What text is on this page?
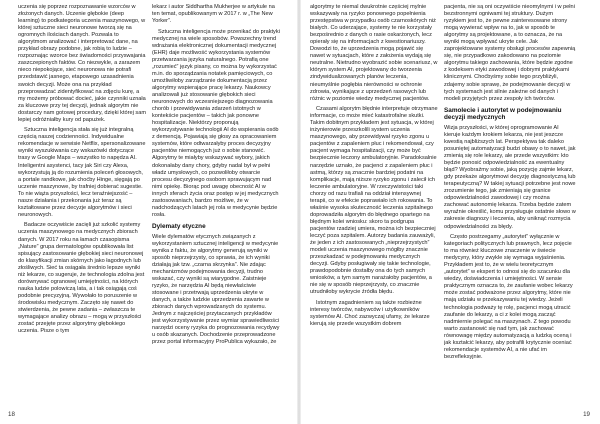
uczenia się poprzez rozpoznawanie wzorców w złożonych danych. Uczenie głębokie (deep learning) to podkategoria uczenia maszynowego, w której sztuczne sieci neuronowe tworzą się na ogromnych ilościach danych. Pozwala to algorytmom analizować i interpretować dane, na przykład obrazy podobne, jak robią to ludzie – rozpoznając wzorce bez świadomości przyswajania zaszczepionych faktów. Co niezwykle, a zarazem nieco niepokojące, sieć neuronowa nie potrafi przedstawić jasnego, etapowego uzasadnienia swoich decyzji. Może ona na przykład przeprowadzać zidentyfikować na zdjęciu kurę, a my możemy próbować docieć, jakie czynniki uznała za kluczowe przy tej decyzji, jednak algorytm nie dostarczy nam gotowej procedury, dzięki której sam lepiej odróżniałby kury od papużek.

Sztuczna inteligencja stała się już integralną częścią naszej codzienności. Indywidualne rekomendacje w serwisie Netflix, spersonalizowane wyniki wyszukiwania czy wskazówki dotyczące trasy w Google Maps – wszystko to napędza AI. Inteligentni asystenci, tacy jak Siri czy Alexa, wykorzystują ją do rozumienia poleceń głosowych, a portale randkowe, jak choćby Hinge, sięgają po uczenie maszynowe, by trafniej dobierać sugestie. To nie wiąża przyszłości, lecz teraźniejszość – nasze działania i przekonania już teraz są kształtowane przez decyzje algorytmów i sieci neuronowych.

Badacze oczywiście zacięli już szkolić systemy uczenia maszynowego na medycznych zbiorach danych. W 2017 roku na łamach czasopisma „Nature” grupa dermatologów opublikowała list spisujący zastosowanie głębokiej sieci neuronowej do klasyfikacji zmian skórnych jako łagodnych lub złośliwych. Sieć ta osiągała średnio lepsze wyniki niż lekarze, co sugeruje, że technologia zdolna jest dorównywać ogranowej umiejętności, na których nauka ludzie polowiczą lata, a i tak osiągają coś podobnie precyzyjną. Wywołało to poruszenie w środowisku medycznym. Zaczęto się nawet do stwierdzenia, że pewne zadania – zwłaszcza te wymagające analizy obrazu – mogą w przyszłości zostać przejęte przez algorytmy głębokiego uczenia. Pisze o tym

lekarz i autor Siddhartha Mukherjee w artykule na ten temat, opublikowanym w 2017 r. w „The New Yorker”.

Sztuczna inteligencja może przenikać do praktyki medycznej na wiele sposobów. Powszechny trend wdrażania elektronicznej dokumentacji medycznej (EHR) daje możliwość wykorzystania systemów przetwarzania języka naturalnego. Potrafią one „rozumieć” język pisany, co można by wykorzystać m.in. do sporządzania notatek pamięciowych, co umożliwiłoby zarządzanie dokumentacją przez algorytmy wspierające pracę lekarzy. Naukowcy analizowali już stosowanie głębokich sieci neuronowych do wczesniejszego diagnozowania chorób i przewidywania zdarzeń istotnych w kontekście pacjentów – takich jak ponowne hospitalizacje. Niektórzy proponują wykorzystywanie technologii AI do wspierania osób z demencją. Pojawiają się głosy za opracowaniem systemów, które odtwarzałyby proces decyzyjny pacjentów niemogących już o sobie stanowić. Algorytmy te miałyby wskazywać wybory, jakich dokonałaby dany chory, gdyby nadal był w pełni władz umysłowych, co pozwoliłoby otwarcie procesu decyzyjnego osobom sprawującym nad nimi opiekę. Biorąc pod uwagę obecność AI w innych sferach życia oraz postęp w jej medycznych zastosowaniach, bardzo możliwe, że w nadchodzących latach jej rola w medycynie będzie rosła.

Dylematy etyczne

Wiele dylematów etycznych związanych z wykorzystaniem sztucznej inteligencji w medycynie wynika z faktu, że algorytmy generują wyniki w sposób nieprzejrzysty, co sprawia, że ich wyniki działają jak tzw. „czarna skrzynka”. Nie zdając mechanizmów podejmowania decyzji, trudno wskazać, czy wyniki są wiarygodne. Zaistnieje ryzyko, że narzędzia AI będą niewłaściwie stosowane i przetrwają uprzedzenia ukryte w danych, a także ludzkie uprzedzenia zawarte w zbiorach danych wprowadzanych do systemu. Jednym z najczęściej przytaczanych przykładów jest wykorzystywanie przez wymiar sprawiedliwości narzędzi oceny ryzyka do prognozowania recydywy u osób skazanych. Dochodzenie przeprowadzone przez portal informacyjny ProPublica wykazało, że

18

algorytmy te niemal dwukrotnie częściej mylnie wskazywały na ryzyko ponownego popełnienia przestępstwa w przypadku osób czarnoskórych niż białych. Co uderzające, systemy te nie korzystały bezpośrednio z danych o rasie oskarżonych, lecz opierały się na informacjach z kwestionariuszy. Dowodzi to, że uprzedzenia mogą pojawić się nawet w sytuacjach, które z założenia wydają się neutralne. Nietrudno wyobrazić sobie scenariusz, w którym system AI, projektowany do tworzenia zindywidualizowanych planów leczenia, nieumyślnie pogłębia nierówności w ochronie zdrowia, wynikające z uprzedzeń rasowych lub różnic w poziomie wiedzy medycznej pacjentów.

Czasami algorytm błędnie interpretuje otrzymane informacje, co może mieć katastrofalne skutki. Takim dobitnym przykładem jest sytuacja, w której inżynierowie przeszkolili system uczenia maszynowego, aby przewidywał ryzyko zgonu u pacjentów z zapaleniem płuc i rekomendował, czy pacjent wymaga hospitalizacji, czy może być bezpiecznie leczony ambulatoryjnie. Paradoksalnie narzędzie uznało, że pacjenci z zapaleniem płuc i astmą, którzy są znacznie bardziej podatni na komplikacje, mają niższe ryzyko zgonu i zalecił ich leczenie ambulatoryjne. W rzeczywistości taki chorzy od razu trafiali na oddział intensywnej terapii, co w efekcie poprawiało ich rokowania. To właśnie wysoka skuteczność leczenia szpitalnego doprowadziła algorytm do błędnego opartego na błędnym kolei wniosku: skoro ta podgrupa pacjentów rzadziej umiera, można ich bezpieczniej leczyć poza szpitalem. Autorzy badania zauważyli, że jeden z ich zastosowanych „nieprzejrzystych” modeli uczenia maszynowego mógłby znacznie przeszkadzać w podejmowaniu medycznych decyzji. Gdyby posługiwały się takie technologie, prawdopodobnie dostałby ona do tych samych wniosków, a tym samym narażałoby pacjentów, a nie się w sposób nieprzejrzysty, co znacznie utrudniłoby wykrycie źródła błędu.

Istotnym zagadnieniem są także rozbieżne interesy twórców, nabywców i użytkowników systemów AI. Choć zazwyczaj ufamy, że lekarze kierują się przede wszystkim dobrem

pacjenta, nie są oni oczywiście nieomylnymi i w pełni bezstronnymi ogniwami tej struktury. Dużym ryzykiem jest to, że pewne zainteresowane strony mogą wywierać wpływ na to, jak w sposób te algorytmy są projektowane, a to oznacza, że na wyniki mogą wpływać ukryte cele. Jak zaprojektowane systemy obsługi procesów zapewnią się, nie przypadkowo zakodowano na poziomie algorytmu takiego zachowania, które będzie zgodne z kodeksem etyki zawodowej i dobrymi praktykami klinicznymi. Choćbyśmy sobie tego przybliżyli, zdajemy sobie sprawę, że podejmowanie decyzji w tych systemach jest silnie zależne od danych i modeli przyjętych przez zespoły ich twórców.

Samolecie i autorytet w podejmowaniu decyzji medycznych

Wizja przyszłości, w której oprogramowanie AI kieruje każdym krokiem lekarza, nie jest jeszcze kwestią najbliższych lat. Perspektywa tak daleko posuniętej automatyzacji budzi obawy o to nawet, jak zmienią się role lekarzy, ale przede wszystkim: kto będzie ponosić odpowiedzialność za ewentualny błąd? Wyobraźmy sobie, jaką pozycję zajmie lekarz, gdy przekaże algorytmowi decyzję diagnostyczną lub terapeutyczną? W takiej sytuacji potrzebne jest nowe zrozumienie tego, jak zmieniają się granice odpowiedzialności zawodowej i czy można zachować autonomię lekarza. Trzeba będzie zatem wyraźnie określić, komu przysługuje ostatnie słowo w zakresie diagnozy i leczenia, aby uniknąć rozmycia odpowiedzialności za błędy.

Często postrzegamy „autorytet” wyłącznie w kategoriach politycznych lub prawnych, lecz pojęcie to ma również kluczowe znaczenie w świecie medycyny, który zwykle się wymaga wyjaśnienia. Przykładem jest to, że w wielu teoretycznym „autorytet” w ekspert to odnosi się do szacunku dla wiedzy, doświadczenia i umiejętności. W sensie praktycznym oznacza to, że zaufanie wobec lekarzy może zostać podważone przez algorytmy, które nie mają udziału w przekazywaniu tej wiedzy. Jeżeli technologia podważy tę rolę, pacjenci mogą utracić zaufanie do lekarzy, a ci z kolei mogą zacząć nadmiernie polegać na maszynach. Z tego powodu warto zastanowić się nad tym, jak zachować równowagę między automatyzacją a ludzką oceną i jak kształcić lekarzy, aby potrafili krytycznie oceniać rekomendacje systemów AI, a nie ufać im bezrefleksyjnie.

19
